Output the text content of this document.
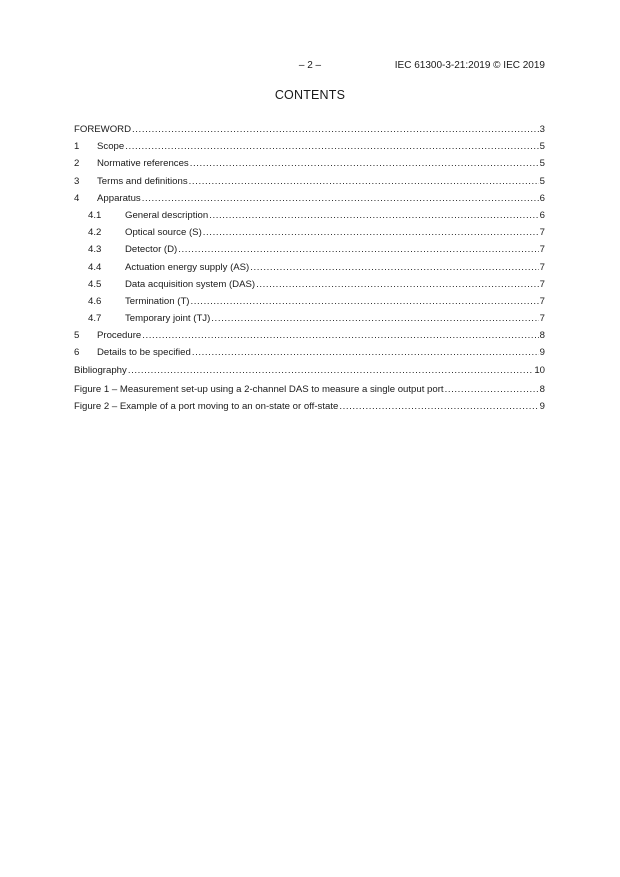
– 2 –	IEC 61300-3-21:2019 © IEC 2019
CONTENTS
FOREWORD .....	3
1	Scope .....	5
2	Normative references .....	5
3	Terms and definitions .....	5
4	Apparatus .....	6
4.1	General description .....	6
4.2	Optical source (S) .....	7
4.3	Detector (D) .....	7
4.4	Actuation energy supply (AS) .....	7
4.5	Data acquisition system (DAS) .....	7
4.6	Termination (T) .....	7
4.7	Temporary joint (TJ) .....	7
5	Procedure .....	8
6	Details to be specified .....	9
Bibliography .....	10
Figure 1 – Measurement set-up using a 2-channel DAS to measure a single output port .....	8
Figure 2 – Example of a port moving to an on-state or off-state .....	9
